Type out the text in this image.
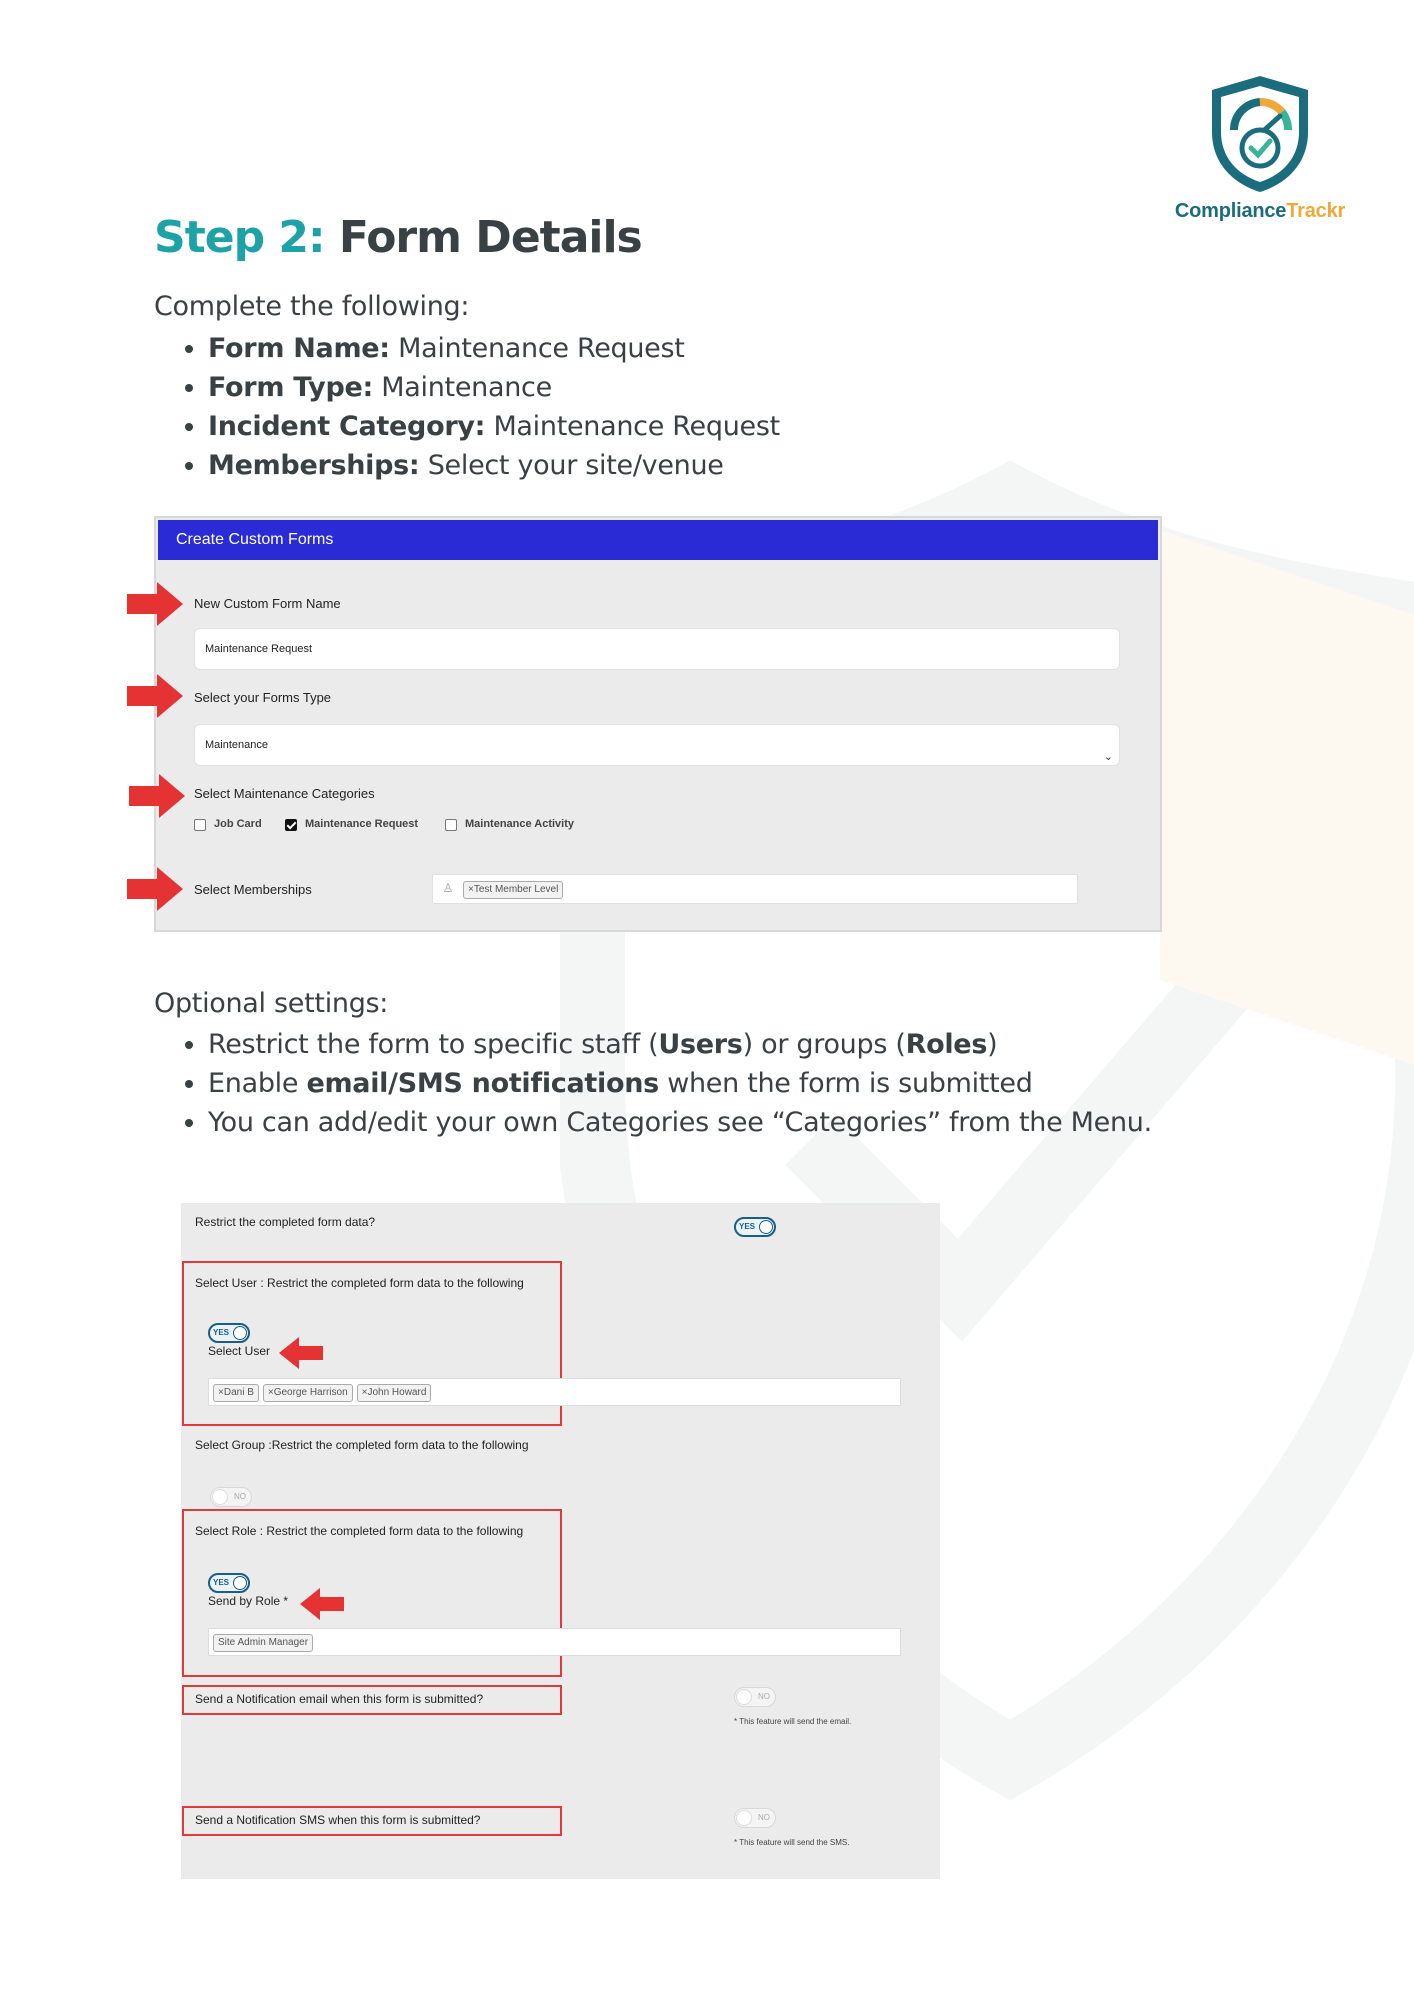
ComplianceTrackr
Step 2: Form Details
Complete the following:
• Form Name: Maintenance Request
• Form Type: Maintenance
• Incident Category: Maintenance Request
• Memberships: Select your site/venue
Create Custom Forms
New Custom Form Name
Maintenance Request
Select your Forms Type
Maintenance
⌄
Select Maintenance Categories
Job Card	Maintenance Request	Maintenance Activity
Select Memberships	♙ ×Test Member Level
Optional settings:
• Restrict the form to specific staff (Users) or groups (Roles)
• Enable email/SMS notifications when the form is submitted
• You can add/edit your own Categories see “Categories” from the Menu.
Restrict the completed form data?	YES
Select User : Restrict the completed form data to the following
YES
Select User
×Dani B ×George Harrison ×John Howard
Select Group :Restrict the completed form data to the following
NO
Select Role : Restrict the completed form data to the following
YES
Send by Role *
Site Admin Manager
Send a Notification email when this form is submitted?	NO
* This feature will send the email.
Send a Notification SMS when this form is submitted?	NO
* This feature will send the SMS.
